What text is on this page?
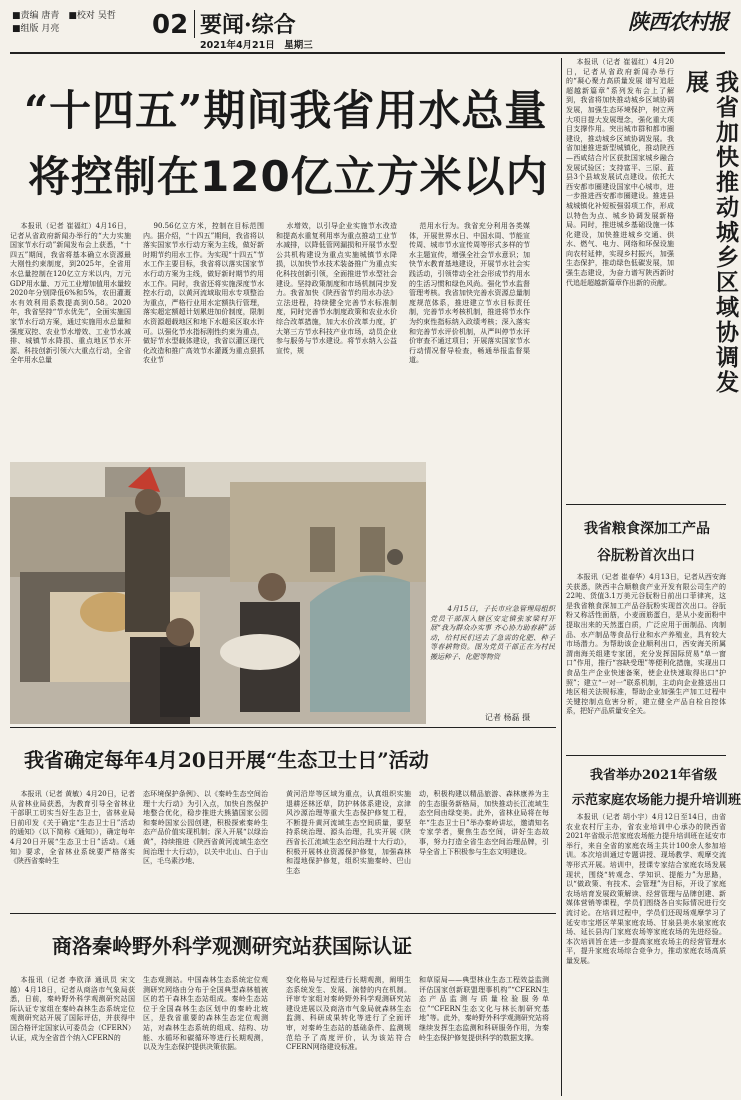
■责编 唐青　 ■校对 吴哲
■组版 月亮	02 要闻·综合
2021年4月21日　星期三
陕西农村报
“十四五”期间我省用水总量
将控制在120亿立方米以内
本报讯（记者 崔福红）4月16日，记者从省政府新闻办举行的“大力实施国家节水行动”新闻发布会上获悉，“十四五”期间，我省将基本确立水资源最大刚性约束制度，到2025年，全省用水总量控制在120亿立方米以内，万元GDP用水量、万元工业增加值用水量较2020年分别降低6%和5%，农田灌溉水有效利用系数提高到0.58。2020年，我省坚持“节水优先”，全面实施国家节水行动方案，通过实施用水总量和强度双控、农业节水增效、工业节水减排、城镇节水降损、重点地区节水开源、科技创新引领六大重点行动，全省全年用水总量
90.56亿立方米，控制在目标范围内。据介绍，“十四五”期间，我省将以落实国家节水行动方案为主线，做好新时期节约用水工作。为实现“十四五”节水工作主要目标，我省将以落实国家节水行动方案为主线，做好新时期节约用水工作。同时，我省还将实施深度节水控水行动，以黄河流域取用水专项整治为重点，严格行业用水定额执行管理，落实超定额超计划累进加价制度，限制水资源超载地区和地下水超采区取水许可。以强化节水指标刚性约束为重点，做好节水型载体建设，我省以灌区现代化改造和推广高效节水灌溉为重点狠抓农业节
水增效，以引导企业实施节水改造和提高水重复利用率为重点推动工业节水减排，以降低管网漏损和开展节水型公共机构建设为重点实施城镇节水降损，以加快节水技术装备推广为重点实化科技创新引领，全面推进节水型社会建设。坚持政策制度和市场机制同步发力。我省加快《陕西省节约用水办法》立法进程，持续健全完善节水标准制度，同时完善节水制度政策和农业水价综合改革措施，加大水价改革力度，扩大第三方节水科技产业市场，动员企业参与服务与节水建设。将节水纳入公益宣传，规
范用水行为。我省充分利用各类媒体，开展世界水日、中国水周、节能宣传周、城市节水宣传周等形式多样的节水主题宣传，增强全社会节水意识；加快节水教育基地建设，开展节水社会实践活动，引领带动全社会形成节约用水的生活习惯和绿色风尚。强化节水监督管理考核。我省加快完善水资源总量制度规范体系，推进建立节水目标责任制，完善节水考核机制，推进将节水作为约束性指标纳入政绩考核；深入落实和完善节水评价机制，从严叫停节水评价审查不通过项目；开展落实国家节水行动情况督导检查，畅通举报监督渠道。
本报讯（记者 崔福红）4月20日，记者从省政府新闻办举行的“凝心聚力高质量发展 谱写追赶超越新篇章”系列发布会上了解到，我省将加快推动城乡区域协调发展，加强生态环境保护，树立两大项目提大发展理念，强化重大项目支撑作用。突出城市群和都市圈建设，推动城乡区域协调发展。我省加速推进新型城镇化，推动陕西—西咸结合片区获批国家城乡融合发展试验区；支持富平、三原、蓝县3个县域发展试点建设。依托大西安都市圈建设国家中心城市，进一步推进西安都市圈建设。推进县城城镇化补短板强弱项工作，形成以特色为点、城乡协调发展新格局。同时，推进城乡基础设施一体化建设，加快推进城乡交通、供水、燃气、电力、网络和环保设施向农村延伸，实现乡村振兴，加强生态保护，推动绿色低碳发展，加强生态建设，为奋力谱写陕西新时代追赶超越新篇章作出新的贡献。	我省加快推动城乡区域协调发展
4月15日，子长市应急管理局组织党员干部深入辖区安定镇张家梁村开展“我为群众办实事 齐心协力助春耕”活动，给村民们送去了急需的化肥、种子等春耕物资。图为党员干部正在为村民搬运种子、化肥等物资
记者 杨磊 摄
我省确定每年4月20日开展“生态卫士日”活动
本报讯（记者 黄敏）4月20日，记者从省林业局获悉，为教育引导全省林业干部职工切实当好生态卫士，省林业局日前印发《关于确定“生态卫士日”活动的通知》（以下简称《通知》），确定每年4月20日开展“生态卫士日”活动。《通知》要求，全省林业系统要严格落实《陕西省秦岭生
态环境保护条例》、以《秦岭生态空间治理十大行动》为引入点，加快自然保护地整合优化，稳步推进大熊猫国家公园和秦岭国家公园创建，积极探索秦岭生态产品价值实现机制；深入开展“以绿治黄”，持续推进《陕西省黄河流域生态空间治理十大行动》，以关中北山、白于山区，毛乌素沙地、
黄河沿岸等区域为重点，认真组织实施退耕还林还草，防护林体系建设，京津风沙源治理等重大生态保护修复工程，不断提升黄河流域生态空间质量，要坚持系统治理、源头治理，扎实开展《陕西省长江流域生态空间治理十大行动》，积极开展林业资源保护修复，加强森林和湿地保护修复，组织实施秦岭、巴山生态
动，积极构建以精品旅游、森林康养为主的生态服务新格局，加快推动长江流域生态空间由绿变美。此外，省林业局将在每年“生态卫士日”举办秦岭讲坛，邀请知名专家学者，聚焦生态空间，讲好生态故事，努力打造全省生态空间治理品牌，引导全省上下积极参与生态文明建设。
商洛秦岭野外科学观测研究站获国际认证
本报讯（记者 李欧泽 通讯员 宋文越）4月18日，记者从商洛市气象局获悉，日前，秦岭野外科学观测研究站国际认证专家组在秦岭森林生态系统定位观测研究站开展了国际评估，并获得中国合格评定国家认可委员会（CFERN）认证，成为全省首个纳入CFERN的
生态观测站。中国森林生态系统定位观测研究网络由分布于全国典型森林植被区的若干森林生态站组成。秦岭生态站位于全国森林生态区划中的秦岭北坡区，是我省重要的森林生态定位观测站，对森林生态系统的组成、结构、功能、水循环和碳循环等进行长期观测，以及为生态保护提供决策依据。
变化格局与过程进行长期观测，阐明生态系统发生、发展、演替的内在机制。评审专家组对秦岭野外科学观测研究站建设进展以及商洛市气象局就森林生态监测、科研成果转化等进行了全面评审，对秦岭生态站的基础条件、监测规范给予了高度评价，认为该站符合CFERN网络建设标准。
和草原局——典型林业生态工程效益监测评估国家创新联盟理事机构”“CFERN生态产品监测与质量检验服务单位”“CFERN生态文化与林长制研究基地”等。此外，秦岭野外科学观测研究站将继续发挥生态监测和科研服务作用，为秦岭生态保护修复提供科学的数据支撑。
我省粮食深加工产品
谷朊粉首次出口
本报讯（记者 崔春华）4月13日，记者从西安海关获悉，陕西丰合顺粮食产业开发有限公司生产的22吨、货值3.1万美元谷朊粉日前出口菲律宾，这是我省粮食深加工产品谷朊粉实现首次出口。谷朊粉又称活性面筋，小麦面筋蛋白，是从小麦面粉中提取出来的天然蛋白质，广泛应用于面制品、肉制品、水产制品等食品行业和水产养殖业，具有较大市场潜力。为帮助该企业顺利出口，西安海关所属渭南海关组建专家团，充分发挥国际贸易“单一窗口”作用，推行“容缺受理”等便利化措施，实现出口食品生产企业快速备案，使企业快速取得出口“护照”；建立“一对一”联系机制，主动向企业推送出口地区相关法规标准，帮助企业加强生产加工过程中关键控制点危害分析，建立健全产品自检自控体系，把好产品质量安全关。
我省举办2021年省级
示范家庭农场能力提升培训班
本报讯（记者 胡小宇）4月12日至14日，由省农业农村厅主办，省农业培训中心承办的陕西省2021年省级示范家庭农场能力提升培训班在延安市举行，来自全省的家庭农场主共计100余人参加培训。本次培训通过专题讲授、现场教学、观摩交流等形式开展。培训中，授课专家结合家庭农场发展现状，围绕“转观念、学知识、提能力”为思路，以“做政策、有技术、会管理”为目标，开设了家庭农场培育发展政策解读、经营管理与品牌创建、新媒体营销等课程，学员们围绕各自实际情况进行交流讨论。在培训过程中，学员们还现场观摩学习了延安市宝塔区苹果家庭农场、甘泉县美水泉家庭农场、延长县沟门家庭农场等家庭农场的先进经验。本次培训旨在进一步提高家庭农场主的经营管理水平，提升家庭农场综合竞争力，推动家庭农场高质量发展。
